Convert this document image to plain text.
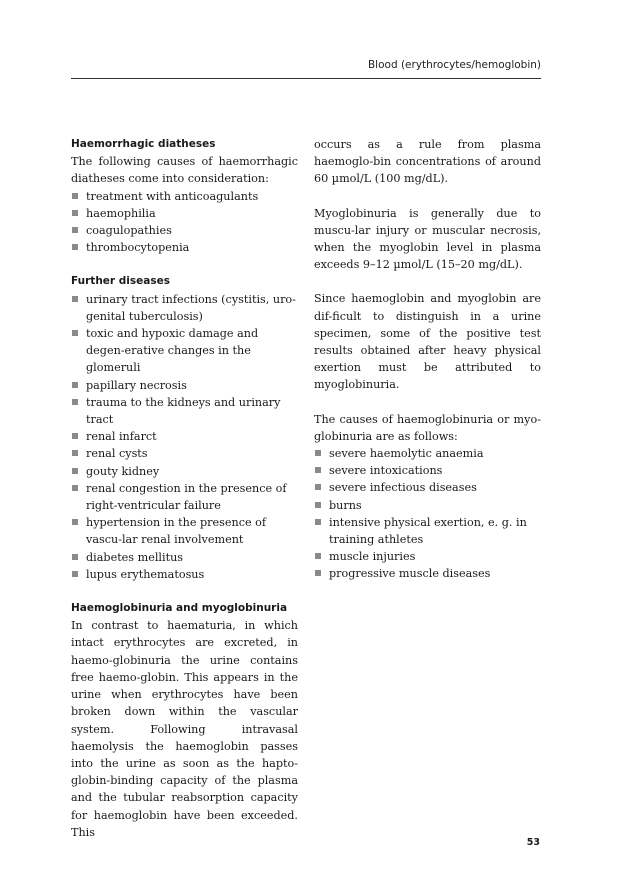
Blood (erythrocytes/hemoglobin)
Haemorrhagic diatheses

The following causes of haemorrhagic diatheses come into consideration:

treatment with anticoagulants
haemophilia
coagulopathies
thrombocytopenia
Further diseases
urinary tract infections (cystitis, uro-genital tuberculosis)
toxic and hypoxic damage and degen-erative changes in the glomeruli
papillary necrosis
trauma to the kidneys and urinary tract
renal infarct
renal cysts
gouty kidney
renal congestion in the presence of right-ventricular failure
hypertension in the presence of vascu-lar renal involvement
diabetes mellitus
lupus erythematosus
Haemoglobinuria and myoglobinuria

In contrast to haematuria, in which intact erythrocytes are excreted, in haemo-globinuria the urine contains free haemo-globin. This appears in the urine when erythrocytes have been broken down within the vascular system. Following intravasal haemolysis the haemoglobin passes into the urine as soon as the hapto-globin-binding capacity of the plasma and the tubular reabsorption capacity for haemoglobin have been exceeded. This

occurs as a rule from plasma haemoglo-bin concentrations of around 60 µmol/L (100 mg/dL).

Myoglobinuria is generally due to muscu-lar injury or muscular necrosis, when the myoglobin level in plasma exceeds 9–12 µmol/L (15–20 mg/dL).

Since haemoglobin and myoglobin are dif-ficult to distinguish in a urine specimen, some of the positive test results obtained after heavy physical exertion must be attributed to myoglobinuria.

The causes of haemoglobinuria or myo-globinuria are as follows:

severe haemolytic anaemia
severe intoxications
severe infectious diseases
burns
intensive physical exertion, e. g. in training athletes
muscle injuries
progressive muscle diseases
53
